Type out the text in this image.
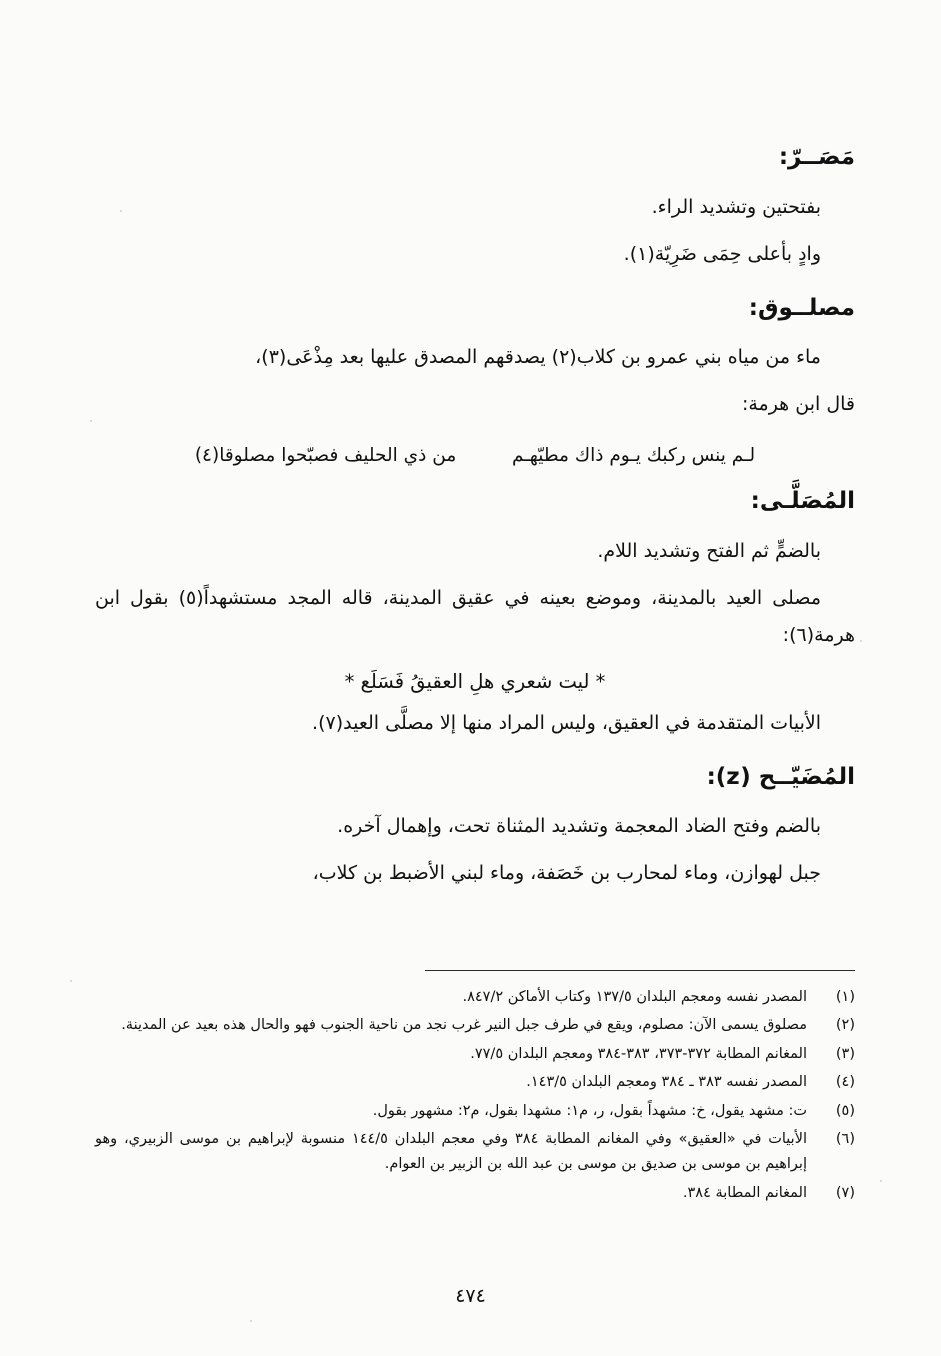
مَصَــرّ:
بفتحتين وتشديد الراء.
وادٍ بأعلى حِمَى ضَرِيّة(١).
مصلــوق:
ماء من مياه بني عمرو بن كلاب(٢) يصدقهم المصدق عليها بعد مِذْعَى(٣)،
قال ابن هرمة:
لـم ينس ركبك يـوم ذاك مطيّهـم  من ذي الحليف فصبّحوا مصلوقا(٤)
المُصَلَّـى:
بالضمٍّ ثم الفتح وتشديد اللام.
مصلى العيد بالمدينة، وموضع بعينه في عقيق المدينة، قاله المجد مستشهداً(٥) بقول ابن هرمة(٦):
* ليت شعري هلِ العقيقُ فَسَلَع *
الأبيات المتقدمة في العقيق، وليس المراد منها إلا مصلَّى العيد(٧).
المُضَيّــح (z):
بالضم وفتح الضاد المعجمة وتشديد المثناة تحت، وإهمال آخره.
جبل لهوازن، وماء لمحارب بن خَصَفة، وماء لبني الأضبط بن كلاب،
(١)
المصدر نفسه ومعجم البلدان ١٣٧/٥ وكتاب الأماكن ٨٤٧/٢.
(٢)
مصلوق يسمى الآن: مصلوم، ويقع في طرف جبل النير غرب نجد من ناحية الجنوب فهو والحال هذه بعيد عن المدينة.
(٣)
المغانم المطابة ٣٧٢-٣٧٣، ٣٨٣-٣٨٤ ومعجم البلدان ٧٧/٥.
(٤)
المصدر نفسه ٣٨٣ ـ ٣٨٤ ومعجم البلدان ١٤٣/٥.
(٥)
ت: مشهد يقول، خ: مشهداً بقول، ر، م١: مشهدا بقول، م٢: مشهور بقول.
(٦)
الأبيات في «العقيق» وفي المغانم المطابة ٣٨٤ وفي معجم البلدان ١٤٤/٥ منسوبة لإبراهيم بن موسى الزبيري، وهو إبراهيم بن موسى بن صديق بن موسى بن عبد الله بن الزبير بن العوام.
(٧)
المغانم المطابة ٣٨٤.
٤٧٤
